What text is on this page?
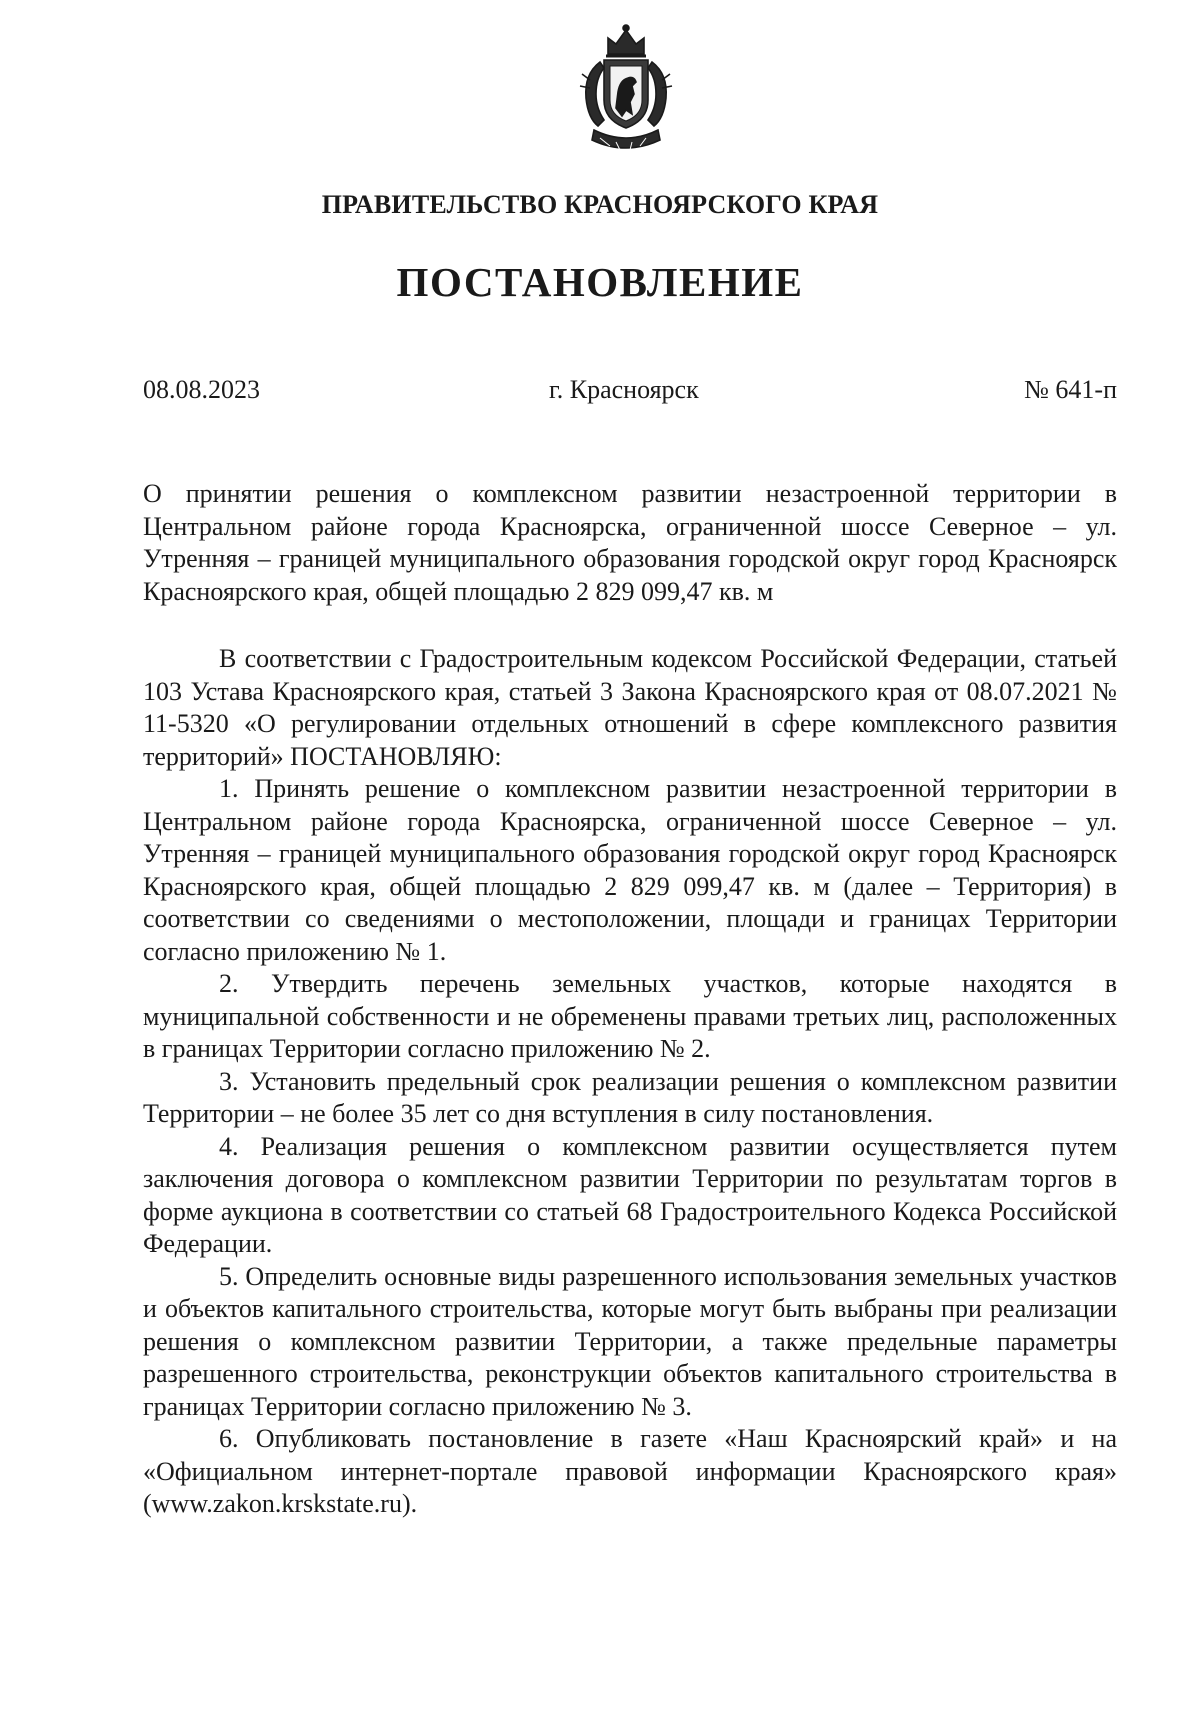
ПРАВИТЕЛЬСТВО КРАСНОЯРСКОГО КРАЯ
ПОСТАНОВЛЕНИЕ
08.08.2023	г. Красноярск	№ 641-п
О принятии решения о комплексном развитии незастроенной территории в Центральном районе города Красноярска, ограниченной шоссе Северное – ул. Утренняя – границей муниципального образования городской округ город Красноярск Красноярского края, общей площадью 2 829 099,47 кв. м

В соответствии с Градостроительным кодексом Российской Федерации, статьей 103 Устава Красноярского края, статьей 3 Закона Красноярского края от 08.07.2021 № 11-5320 «О регулировании отдельных отношений в сфере комплексного развития территорий» ПОСТАНОВЛЯЮ:

1. Принять решение о комплексном развитии незастроенной территории в Центральном районе города Красноярска, ограниченной шоссе Северное – ул. Утренняя – границей муниципального образования городской округ город Красноярск Красноярского края, общей площадью 2 829 099,47 кв. м (далее – Территория) в соответствии со сведениями о местоположении, площади и границах Территории согласно приложению № 1.

2. Утвердить перечень земельных участков, которые находятся в муниципальной собственности и не обременены правами третьих лиц, расположенных в границах Территории согласно приложению № 2.

3. Установить предельный срок реализации решения о комплексном развитии Территории – не более 35 лет со дня вступления в силу постановления.

4. Реализация решения о комплексном развитии осуществляется путем заключения договора о комплексном развитии Территории по результатам торгов в форме аукциона в соответствии со статьей 68 Градостроительного Кодекса Российской Федерации.

5. Определить основные виды разрешенного использования земельных участков и объектов капитального строительства, которые могут быть выбраны при реализации решения о комплексном развитии Территории, а также предельные параметры разрешенного строительства, реконструкции объектов капитального строительства в границах Территории согласно приложению № 3.

6. Опубликовать постановление в газете «Наш Красноярский край» и на «Официальном интернет-портале правовой информации Красноярского края» (www.zakon.krskstate.ru).
